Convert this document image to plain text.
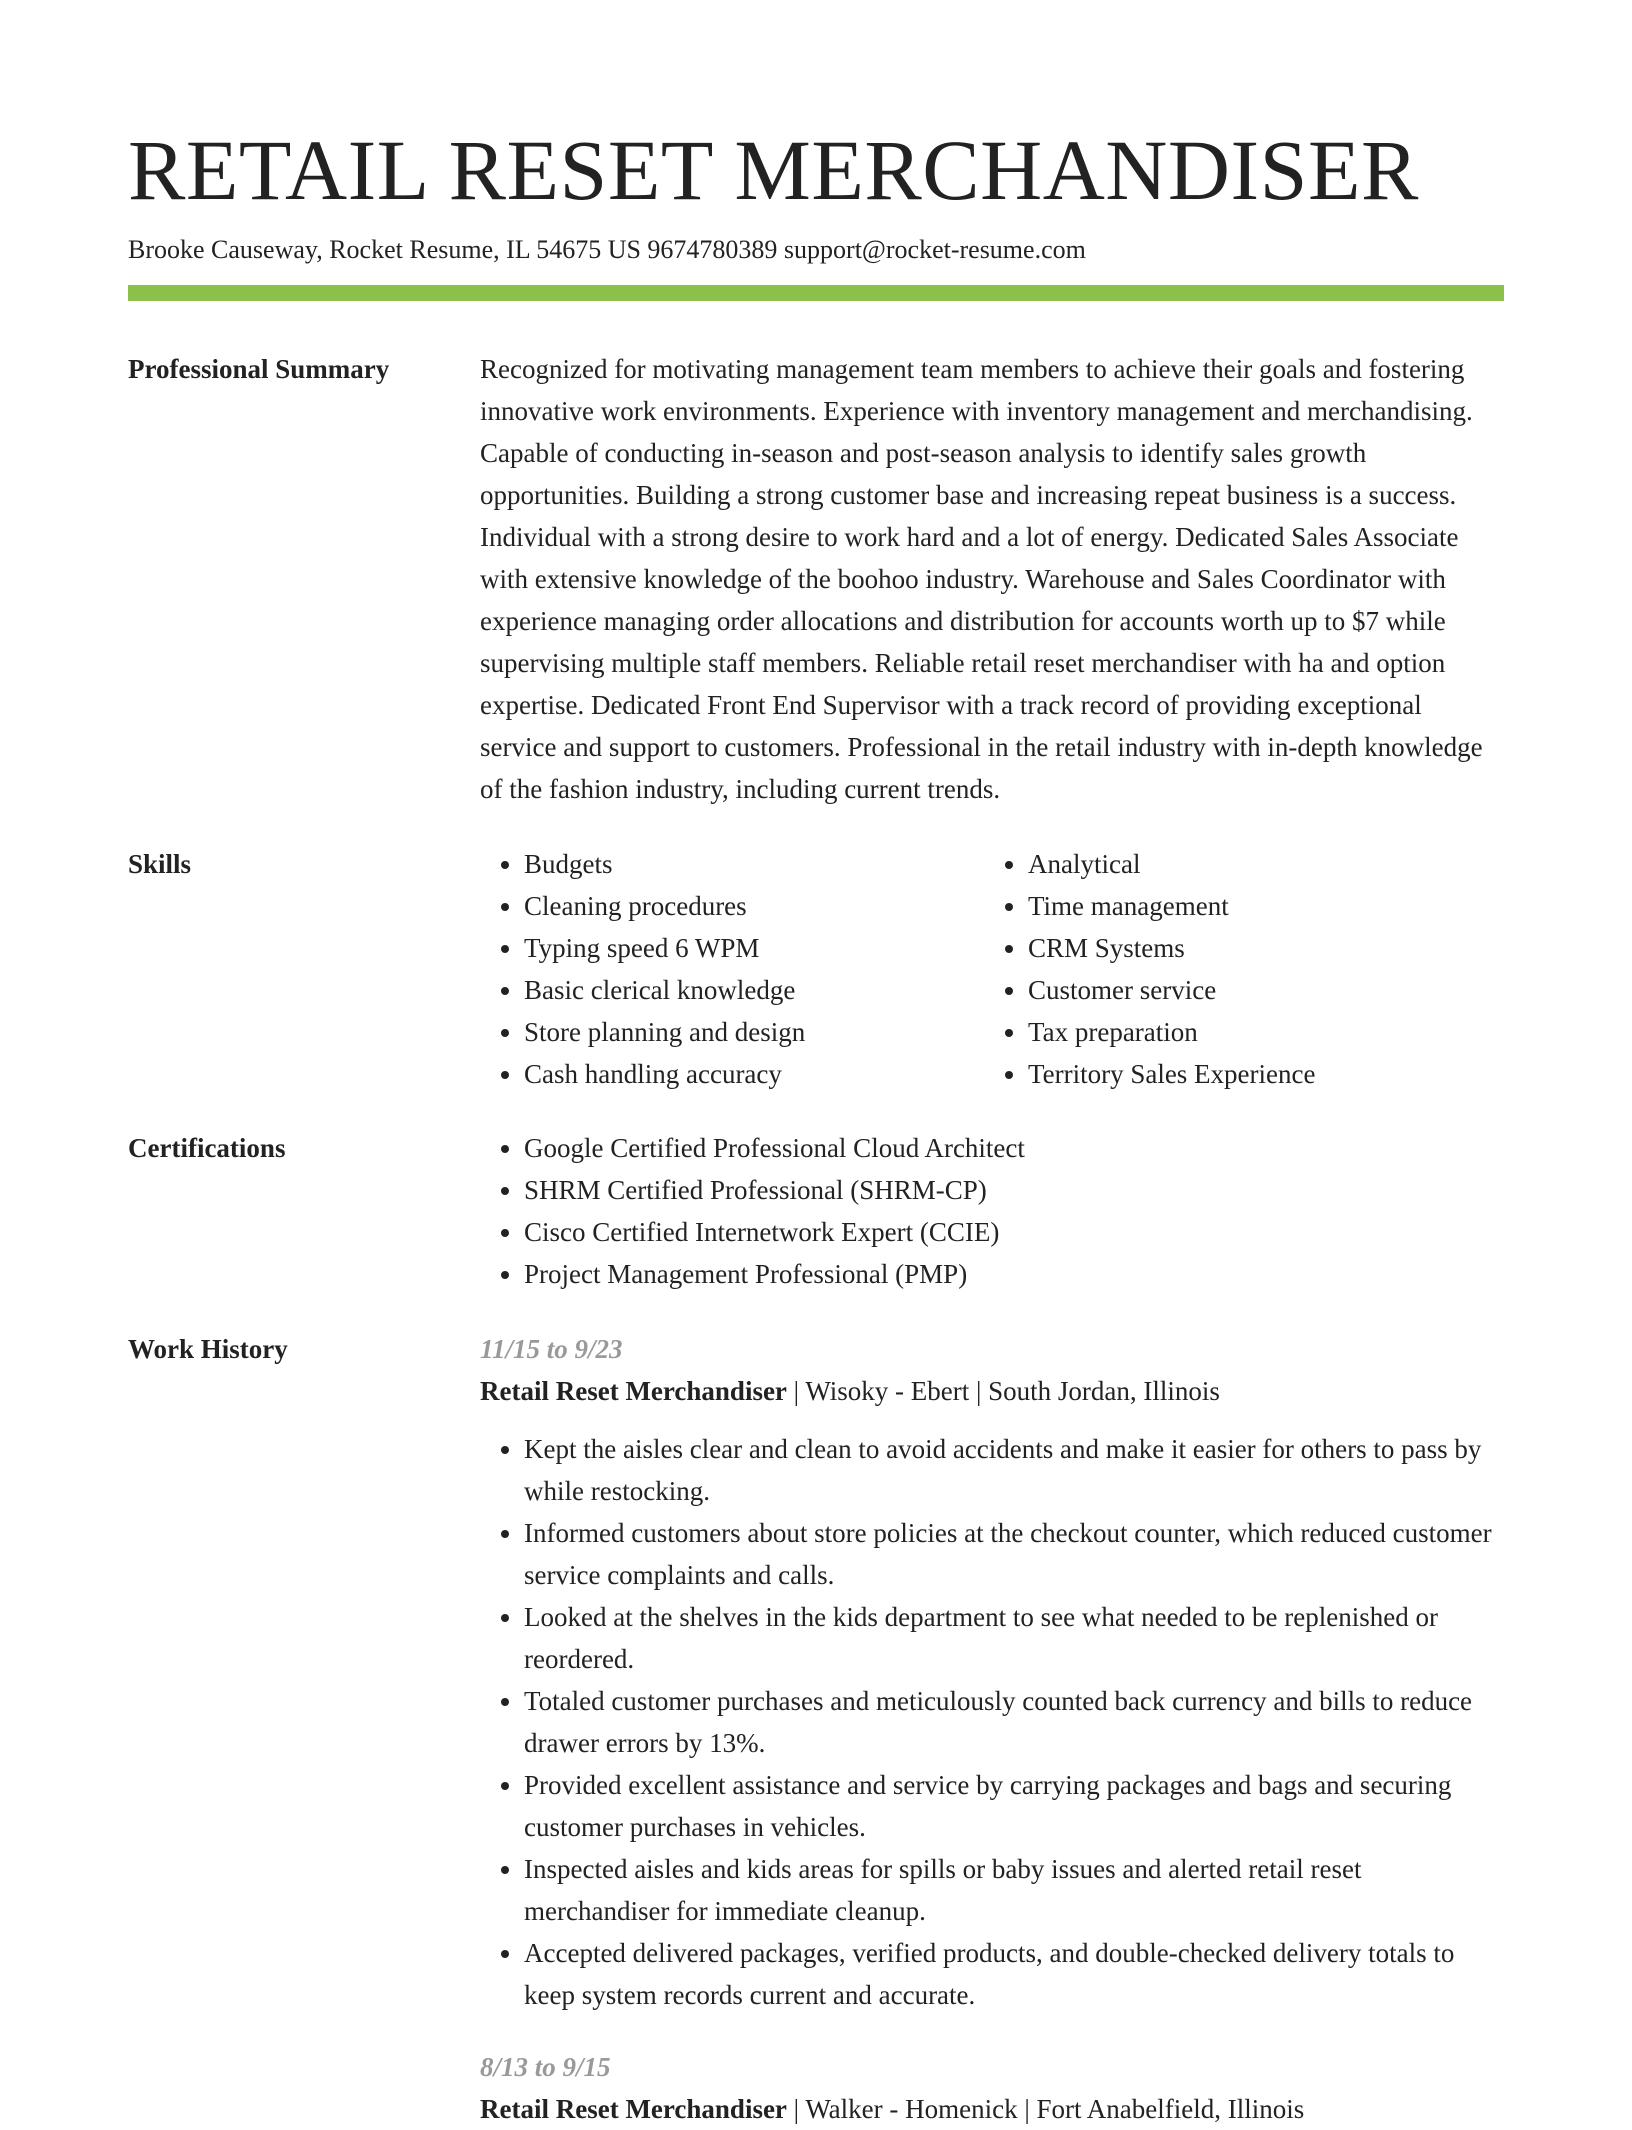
RETAIL RESET MERCHANDISER
Brooke Causeway, Rocket Resume, IL 54675 US 9674780389 support@rocket-resume.com
Professional Summary	Recognized for motivating management team members to achieve their goals and fostering innovative work environments. Experience with inventory management and merchandising. Capable of conducting in-season and post-season analysis to identify sales growth opportunities. Building a strong customer base and increasing repeat business is a success. Individual with a strong desire to work hard and a lot of energy. Dedicated Sales Associate with extensive knowledge of the boohoo industry. Warehouse and Sales Coordinator with experience managing order allocations and distribution for accounts worth up to $7 while supervising multiple staff members. Reliable retail reset merchandiser with ha and option expertise. Dedicated Front End Supervisor with a track record of providing exceptional service and support to customers. Professional in the retail industry with in-depth knowledge of the fashion industry, including current trends.

Skills	• Budgets
• Cleaning procedures
• Typing speed 6 WPM
• Basic clerical knowledge
• Store planning and design
• Cash handling accuracy
• Analytical
• Time management
• CRM Systems
• Customer service
• Tax preparation
• Territory Sales Experience
Certifications	• Google Certified Professional Cloud Architect
• SHRM Certified Professional (SHRM-CP)
• Cisco Certified Internetwork Expert (CCIE)
• Project Management Professional (PMP)
Work History	11/15 to 9/23
Retail Reset Merchandiser | Wisoky - Ebert | South Jordan, Illinois
• Kept the aisles clear and clean to avoid accidents and make it easier for others to pass by while restocking.
• Informed customers about store policies at the checkout counter, which reduced customer service complaints and calls.
• Looked at the shelves in the kids department to see what needed to be replenished or reordered.
• Totaled customer purchases and meticulously counted back currency and bills to reduce drawer errors by 13%.
• Provided excellent assistance and service by carrying packages and bags and securing customer purchases in vehicles.
• Inspected aisles and kids areas for spills or baby issues and alerted retail reset merchandiser for immediate cleanup.
• Accepted delivered packages, verified products, and double-checked delivery totals to keep system records current and accurate.
8/13 to 9/15
Retail Reset Merchandiser | Walker - Homenick | Fort Anabelfield, Illinois
